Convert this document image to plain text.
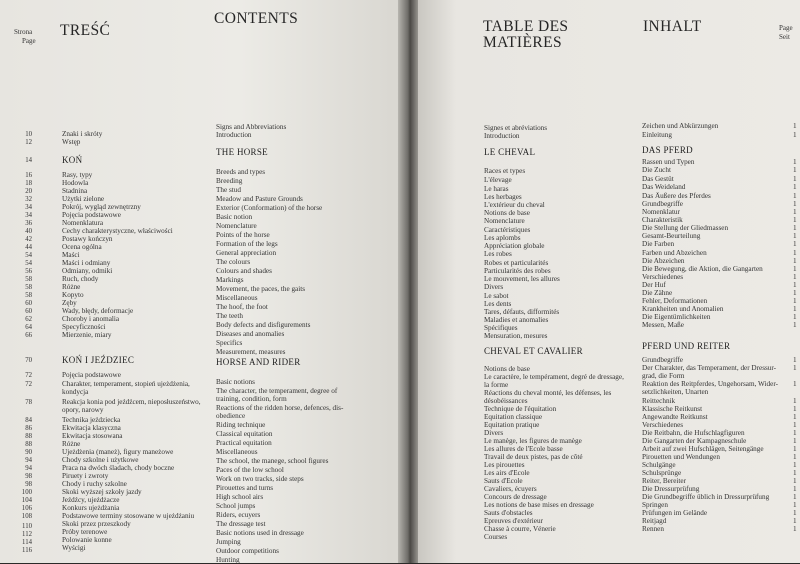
Strona
Page
TREŚĆ
CONTENTS	TABLE DES
MATIÈRES
INHALT	Page
Seit
10
12
14
16
18
20
32
34
34
36
40
42
44
54
54
56
58
58
58
60
60
62
64
66
70
72
72
78
84
86
88
88
90
94
94
98
98
100
104
106
108
110
112
114
116
Znaki i skróty
Wstęp
Rasy, typy
Hodowla
Stadnina
Użytki zielone
Pokrój, wygląd zewnętrzny
Pojęcia podstawowe
Nomenklatura
Cechy charakterystyczne, właściwości
Postawy kończyn
Ocena ogólna
Maści
Maści i odmiany
Odmiany, odmiki
Ruch, chody
Różne
Kopyto
Zęby
Wady, błędy, deformacje
Choroby i anomalia
Specyficzności
Mierzenie, miary
Pojęcia podstawowe
Charakter, temperament, stopień ujeżdżenia,
kondycja
Reakcja konia pod jeźdźcem, nieposłuszeństwo,
opory, narowy
Technika jeździecka
Ekwitacja klasyczna
Ekwitacja stosowana
Różne
Ujeżdżenia (maneż), figury maneżowe
Chody szkolne i użytkowe
Praca na dwóch śladach, chody boczne
Piruety i zwroty
Chody i ruchy szkolne
Skoki wyższej szkoły jazdy
Jeźdźcy, ujeżdżacze
Konkurs ujeżdżania
Podstawowe terminy stosowane w ujeżdżaniu
Skoki przez przeszkody
Próby terenowe
Polowanie konne
Wyścigi
KOŃ
KOŃ I JEŹDZIEC
Signs and Abbreviations
Introduction
Breeds and types
Breeding
The stud
Meadow and Pasture Grounds
Exterior (Conformation) of the horse
Basic notion
Nomenclature
Points of the horse
Formation of the legs
General appreciation
The colours
Colours and shades
Markings
Movement, the paces, the gaits
Miscellaneous
The hoof, the foot
The teeth
Body defects and disfigurements
Diseases and anomalies
Specifics
Measurement, measures
Basic notions
The character, the temperament, degree of
training, condition, form
Reactions of the ridden horse, defences, dis-
obedience
Riding technique
Classical equitation
Practical equitation
Miscellaneous
The school, the manege, school figures
Paces of the low school
Work on two tracks, side steps
Pirouettes and turns
High school airs
School jumps
Riders, ecuyers
The dressage test
Basic notions used in dressage
Jumping
Outdoor competitions
Hunting
THE HORSE
HORSE AND RIDER
Signes et abréviations
Introduction
Races et types
L'élevage
Le haras
Les herbages
L'extérieur du cheval
Notions de base
Nomenclature
Caractéristiques
Les aplombs
Appréciation globale
Les robes
Robes et particularités
Particularités des robes
Le mouvement, les allures
Divers
Le sabot
Les dents
Tares, défauts, difformités
Maladies et anomalies
Spécifiques
Mensuration, mesures
Notions de base
Le caractère, le tempérament, degré de dressage,
la forme
Réactions du cheval monté, les défenses, les
désobéissances
Technique de l'équitation
Equitation classique
Equitation pratique
Divers
Le manège, les figures de manège
Les allures de l'Ecole basse
Travail de deux pistes, pas de côté
Les pirouettes
Les airs d'Ecole
Sauts d'Ecole
Cavaliers, écuyers
Concours de dressage
Les notions de base mises en dressage
Sauts d'obstacles
Epreuves d'extérieur
Chasse à courre, Vénerie
Courses
LE CHEVAL
CHEVAL ET CAVALIER
Zeichen und Abkürzungen
Einleitung
Rassen und Typen
Die Zucht
Das Gestüt
Das Weideland
Das Äußere des Pferdes
Grundbegriffe
Nomenklatur
Charakteristik
Die Stellung der Gliedmassen
Gesamt-Beurteilung
Die Farben
Farben und Abzeichen
Die Abzeichen
Die Bewegung, die Aktion, die Gangarten
Verschiedenes
Der Huf
Die Zähne
Fehler, Deformationen
Krankheiten und Anomalien
Die Eigentümlichkeiten
Messen, Maße
Grundbegriffe
Der Charakter, das Temperament, der Dressur-
grad, die Form
Reaktion des Reitpferdes, Ungehorsam, Wider-
setzlichkeiten, Unarten
Reittechnik
Klassische Reitkunst
Angewandte Reitkunst
Verschiedenes
Die Reitbahn, die Hufschlagfiguren
Die Gangarten der Kampagneschule
Arbeit auf zwei Hufschlägen, Seitengänge
Pirouetten und Wendungen
Schulgänge
Schulsprünge
Reiter, Bereiter
Die Dressurprüfung
Die Grundbegriffe üblich in Dressurprüfung
Springen
Prüfungen im Gelände
Reitjagd
Rennen
DAS PFERD
PFERD UND REITER
1
1
1
1
1
1
1
1
1
1
1
1
1
1
1
1
1
1
1
1
1
1
1
1
1
1
1
1
1
1
1
1
1
1
1
1
1
1
1
1
1
1
1
